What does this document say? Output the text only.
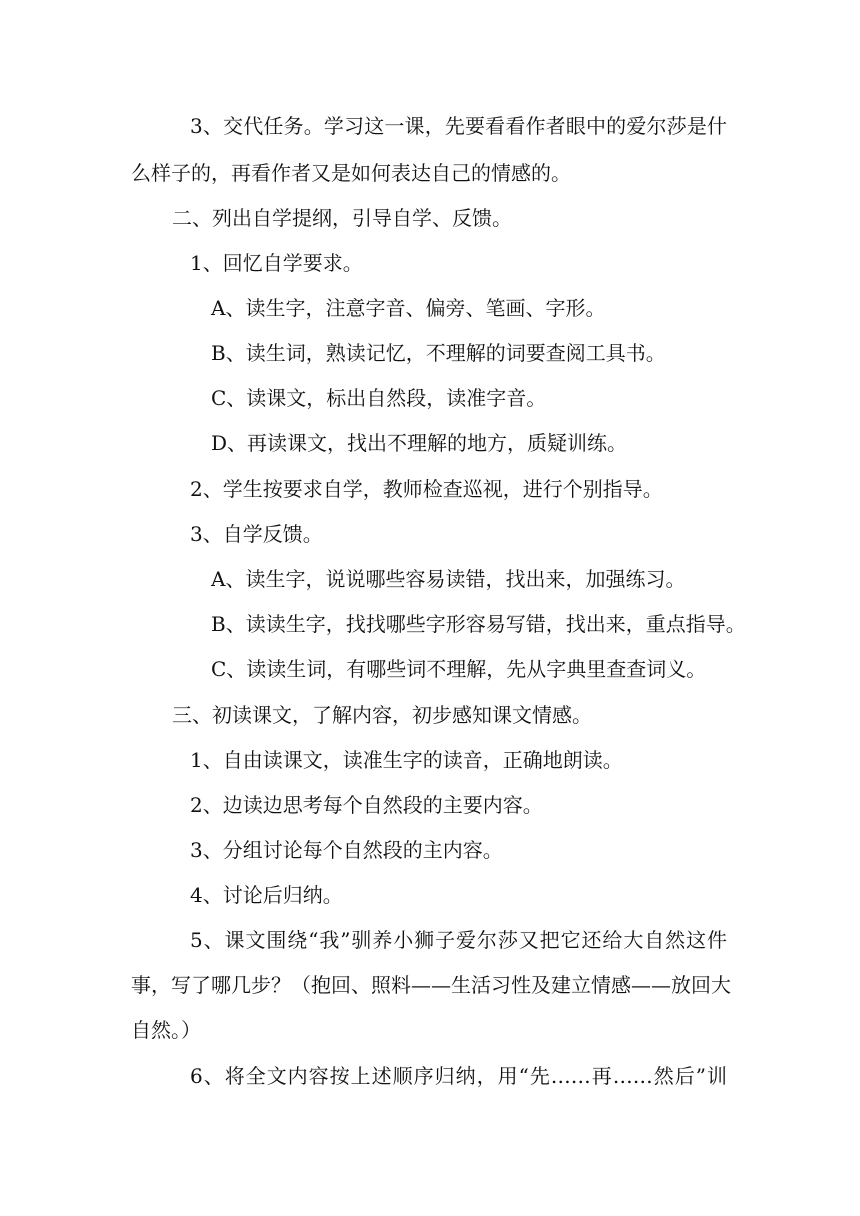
3、交代任务。学习这一课，先要看看作者眼中的爱尔莎是什
么样子的，再看作者又是如何表达自己的情感的。
二、列出自学提纲，引导自学、反馈。
1、回忆自学要求。
A、读生字，注意字音、偏旁、笔画、字形。
B、读生词，熟读记忆，不理解的词要查阅工具书。
C、读课文，标出自然段，读准字音。
D、再读课文，找出不理解的地方，质疑训练。
2、学生按要求自学，教师检查巡视，进行个别指导。
3、自学反馈。
A、读生字，说说哪些容易读错，找出来，加强练习。
B、读读生字，找找哪些字形容易写错，找出来，重点指导。
C、读读生词，有哪些词不理解，先从字典里查查词义。
三、初读课文，了解内容，初步感知课文情感。
1、自由读课文，读准生字的读音，正确地朗读。
2、边读边思考每个自然段的主要内容。
3、分组讨论每个自然段的主内容。
4、讨论后归纳。
5、课文围绕“我”驯养小狮子爱尔莎又把它还给大自然这件
事，写了哪几步？（抱回、照料——生活习性及建立情感——放回大
自然。）
6、将全文内容按上述顺序归纳，用“先……再……然后”训
